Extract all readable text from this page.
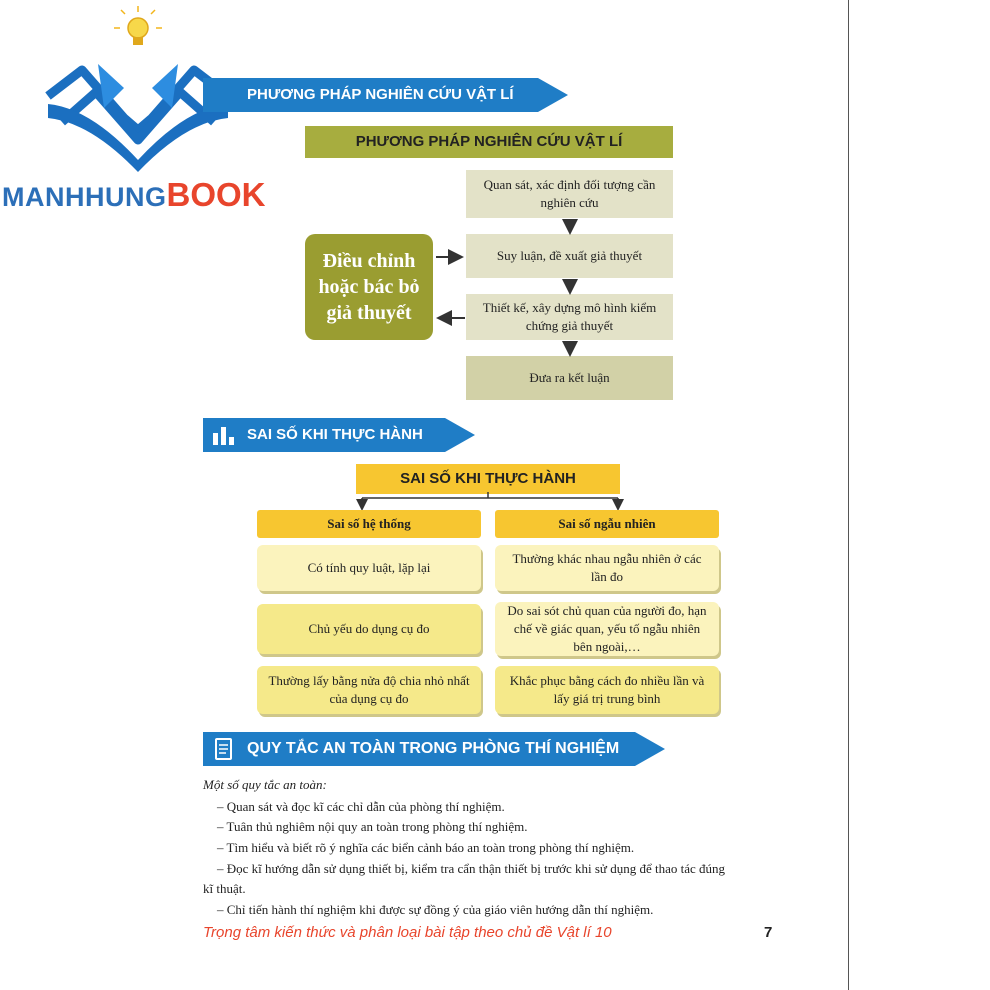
MANHHUNGBOOK
PHƯƠNG PHÁP NGHIÊN CỨU VẬT LÍ
PHƯƠNG PHÁP NGHIÊN CỨU VẬT LÍ
Quan sát, xác định đối tượng cần nghiên cứu
Suy luận, đề xuất giả thuyết
Thiết kế, xây dựng mô hình kiểm chứng giả thuyết
Đưa ra kết luận
Điều chỉnh hoặc bác bỏ giả thuyết
SAI SỐ KHI THỰC HÀNH
SAI SỐ KHI THỰC HÀNH
Sai số hệ thống	Sai số ngẫu nhiên
Có tính quy luật, lặp lại
Chủ yếu do dụng cụ đo
Thường lấy bằng nửa độ chia nhỏ nhất của dụng cụ đo
Thường khác nhau ngẫu nhiên ở các lần đo
Do sai sót chủ quan của người đo, hạn chế về giác quan, yếu tố ngẫu nhiên bên ngoài,…
Khắc phục bằng cách đo nhiều lần và lấy giá trị trung bình
QUY TẮC AN TOÀN TRONG PHÒNG THÍ NGHIỆM
Một số quy tắc an toàn:
– Quan sát và đọc kĩ các chỉ dẫn của phòng thí nghiệm.
– Tuân thủ nghiêm nội quy an toàn trong phòng thí nghiệm.
– Tìm hiểu và biết rõ ý nghĩa các biển cảnh báo an toàn trong phòng thí nghiệm.
– Đọc kĩ hướng dẫn sử dụng thiết bị, kiểm tra cẩn thận thiết bị trước khi sử dụng để thao tác đúng
kĩ thuật.
– Chỉ tiến hành thí nghiệm khi được sự đồng ý của giáo viên hướng dẫn thí nghiệm.
Trọng tâm kiến thức và phân loại bài tập theo chủ đề Vật lí 10	7
